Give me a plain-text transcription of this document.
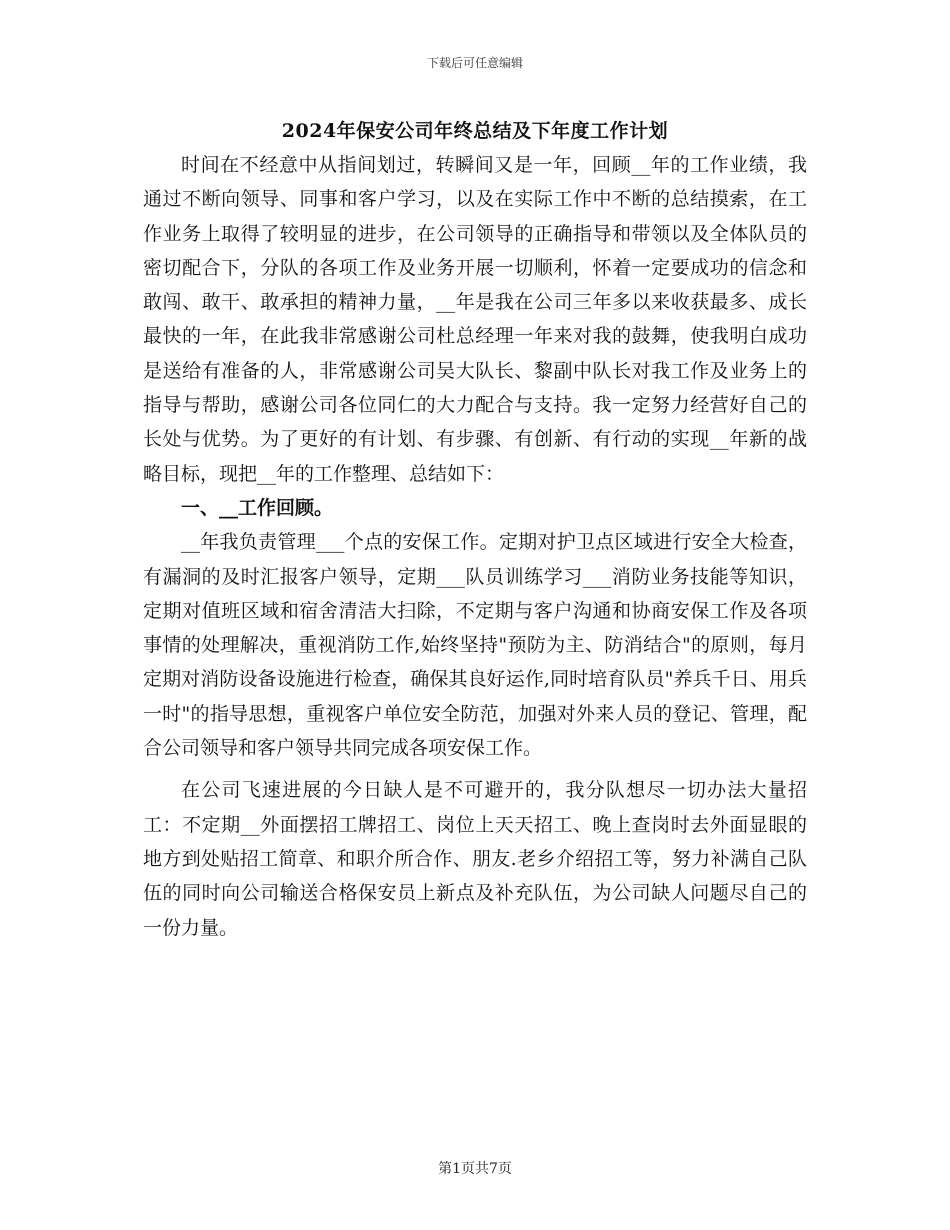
下载后可任意编辑
2024年保安公司年终总结及下年度工作计划

时间在不经意中从指间划过，转瞬间又是一年，回顾__年的工作业绩，我通过不断向领导、同事和客户学习，以及在实际工作中不断的总结摸索，在工作业务上取得了较明显的进步，在公司领导的正确指导和带领以及全体队员的密切配合下，分队的各项工作及业务开展一切顺利，怀着一定要成功的信念和敢闯、敢干、敢承担的精神力量，__年是我在公司三年多以来收获最多、成长最快的一年，在此我非常感谢公司杜总经理一年来对我的鼓舞，使我明白成功是送给有准备的人，非常感谢公司吴大队长、黎副中队长对我工作及业务上的指导与帮助，感谢公司各位同仁的大力配合与支持。我一定努力经营好自己的长处与优势。为了更好的有计划、有步骤、有创新、有行动的实现__年新的战略目标，现把__年的工作整理、总结如下：

一、__工作回顾。

__年我负责管理___个点的安保工作。定期对护卫点区域进行安全大检查，有漏洞的及时汇报客户领导，定期___队员训练学习___消防业务技能等知识，定期对值班区域和宿舍清洁大扫除，不定期与客户沟通和协商安保工作及各项事情的处理解决，重视消防工作,始终坚持"预防为主、防消结合"的原则，每月定期对消防设备设施进行检查，确保其良好运作,同时培育队员"养兵千日、用兵一时"的指导思想，重视客户单位安全防范，加强对外来人员的登记、管理，配合公司领导和客户领导共同完成各项安保工作。

在公司飞速进展的今日缺人是不可避开的，我分队想尽一切办法大量招工：不定期__外面摆招工牌招工、岗位上天天招工、晚上查岗时去外面显眼的地方到处贴招工简章、和职介所合作、朋友.老乡介绍招工等，努力补满自己队伍的同时向公司输送合格保安员上新点及补充队伍，为公司缺人问题尽自己的一份力量。

第1页共7页
